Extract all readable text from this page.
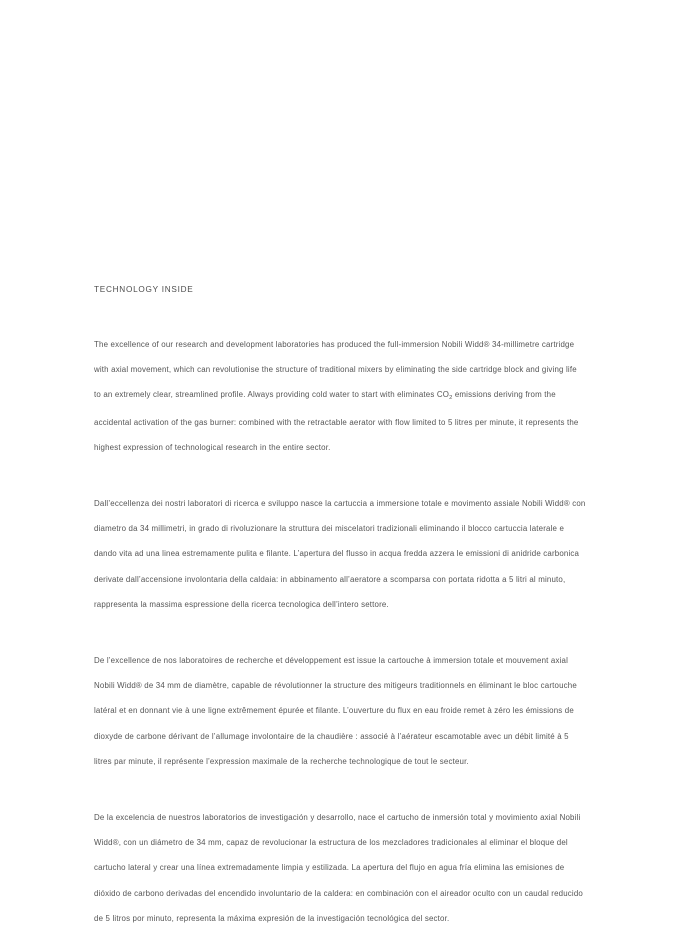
TECHNOLOGY INSIDE

The excellence of our research and development laboratories has produced the full-immersion Nobili Widd® 34-millimetre cartridge with axial movement, which can revolutionise the structure of traditional mixers by eliminating the side cartridge block and giving life to an extremely clear, streamlined profile. Always providing cold water to start with eliminates $CO_2$ emissions deriving from the accidental activation of the gas burner: combined with the retractable aerator with flow limited to 5 litres per minute, it represents the highest expression of technological research in the entire sector.

Dall’eccellenza dei nostri laboratori di ricerca e sviluppo nasce la cartuccia a immersione totale e movimento assiale Nobili Widd® con diametro da 34 millimetri, in grado di rivoluzionare la struttura dei miscelatori tradizionali eliminando il blocco cartuccia laterale e dando vita ad una linea estremamente pulita e filante. L’apertura del flusso in acqua fredda azzera le emissioni di anidride carbonica derivate dall’accensione involontaria della caldaia: in abbinamento all’aeratore a scomparsa con portata ridotta a 5 litri al minuto, rappresenta la massima espressione della ricerca tecnologica dell’intero settore.

De l’excellence de nos laboratoires de recherche et développement est issue la cartouche à immersion totale et mouvement axial Nobili Widd® de 34 mm de diamètre, capable de révolutionner la structure des mitigeurs traditionnels en éliminant le bloc cartouche latéral et en donnant vie à une ligne extrêmement épurée et filante. L’ouverture du flux en eau froide remet à zéro les émissions de dioxyde de carbone dérivant de l’allumage involontaire de la chaudière : associé à l’aérateur escamotable avec un débit limité à 5 litres par minute, il représente l’expression maximale de la recherche technologique de tout le secteur.

De la excelencia de nuestros laboratorios de investigación y desarrollo, nace el cartucho de inmersión total y movimiento axial Nobili Widd®, con un diámetro de 34 mm, capaz de revolucionar la estructura de los mezcladores tradicionales al eliminar el bloque del cartucho lateral y crear una línea extremadamente limpia y estilizada. La apertura del flujo en agua fría elimina las emisiones de dióxido de carbono derivadas del encendido involuntario de la caldera: en combinación con el aireador oculto con un caudal reducido de 5 litros por minuto, representa la máxima expresión de la investigación tecnológica del sector.
